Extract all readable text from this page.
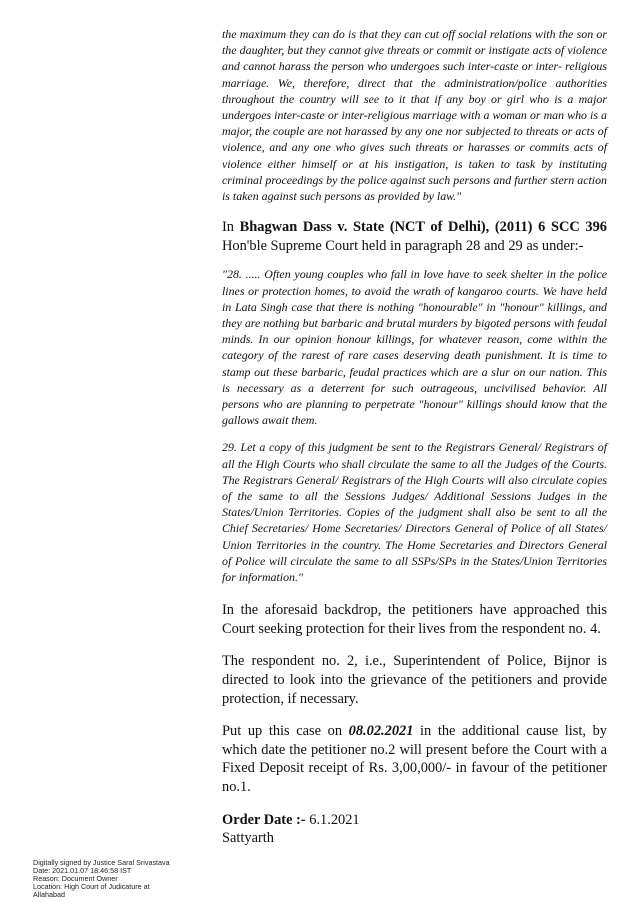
the maximum they can do is that they can cut off social relations with the son or the daughter, but they cannot give threats or commit or instigate acts of violence and cannot harass the person who undergoes such inter-caste or inter- religious marriage. We, therefore, direct that the administration/police authorities throughout the country will see to it that if any boy or girl who is a major undergoes inter-caste or inter-religious marriage with a woman or man who is a major, the couple are not harassed by any one nor subjected to threats or acts of violence, and any one who gives such threats or harasses or commits acts of violence either himself or at his instigation, is taken to task by instituting criminal proceedings by the police against such persons and further stern action is taken against such persons as provided by law."

In Bhagwan Dass v. State (NCT of Delhi), (2011) 6 SCC 396 Hon'ble Supreme Court held in paragraph 28 and 29 as under:-

"28. ..... Often young couples who fall in love have to seek shelter in the police lines or protection homes, to avoid the wrath of kangaroo courts. We have held in Lata Singh case that there is nothing "honourable" in "honour" killings, and they are nothing but barbaric and brutal murders by bigoted persons with feudal minds. In our opinion honour killings, for whatever reason, come within the category of the rarest of rare cases deserving death punishment. It is time to stamp out these barbaric, feudal practices which are a slur on our nation. This is necessary as a deterrent for such outrageous, uncivilised behavior. All persons who are planning to perpetrate "honour" killings should know that the gallows await them.

29. Let a copy of this judgment be sent to the Registrars General/ Registrars of all the High Courts who shall circulate the same to all the Judges of the Courts. The Registrars General/ Registrars of the High Courts will also circulate copies of the same to all the Sessions Judges/ Additional Sessions Judges in the States/Union Territories. Copies of the judgment shall also be sent to all the Chief Secretaries/ Home Secretaries/ Directors General of Police of all States/ Union Territories in the country. The Home Secretaries and Directors General of Police will circulate the same to all SSPs/SPs in the States/Union Territories for information."

In the aforesaid backdrop, the petitioners have approached this Court seeking protection for their lives from the respondent no. 4.

The respondent no. 2, i.e., Superintendent of Police, Bijnor is directed to look into the grievance of the petitioners and provide protection, if necessary.

Put up this case on 08.02.2021 in the additional cause list, by which date the petitioner no.2 will present before the Court with a Fixed Deposit receipt of Rs. 3,00,000/- in favour of the petitioner no.1.

Order Date :- 6.1.2021

Sattyarth

Digitally signed by Justice Saral Srivastava
Date: 2021.01.07 18:46:58 IST
Reason: Document Owner
Location: High Court of Judicature at
Allahabad
